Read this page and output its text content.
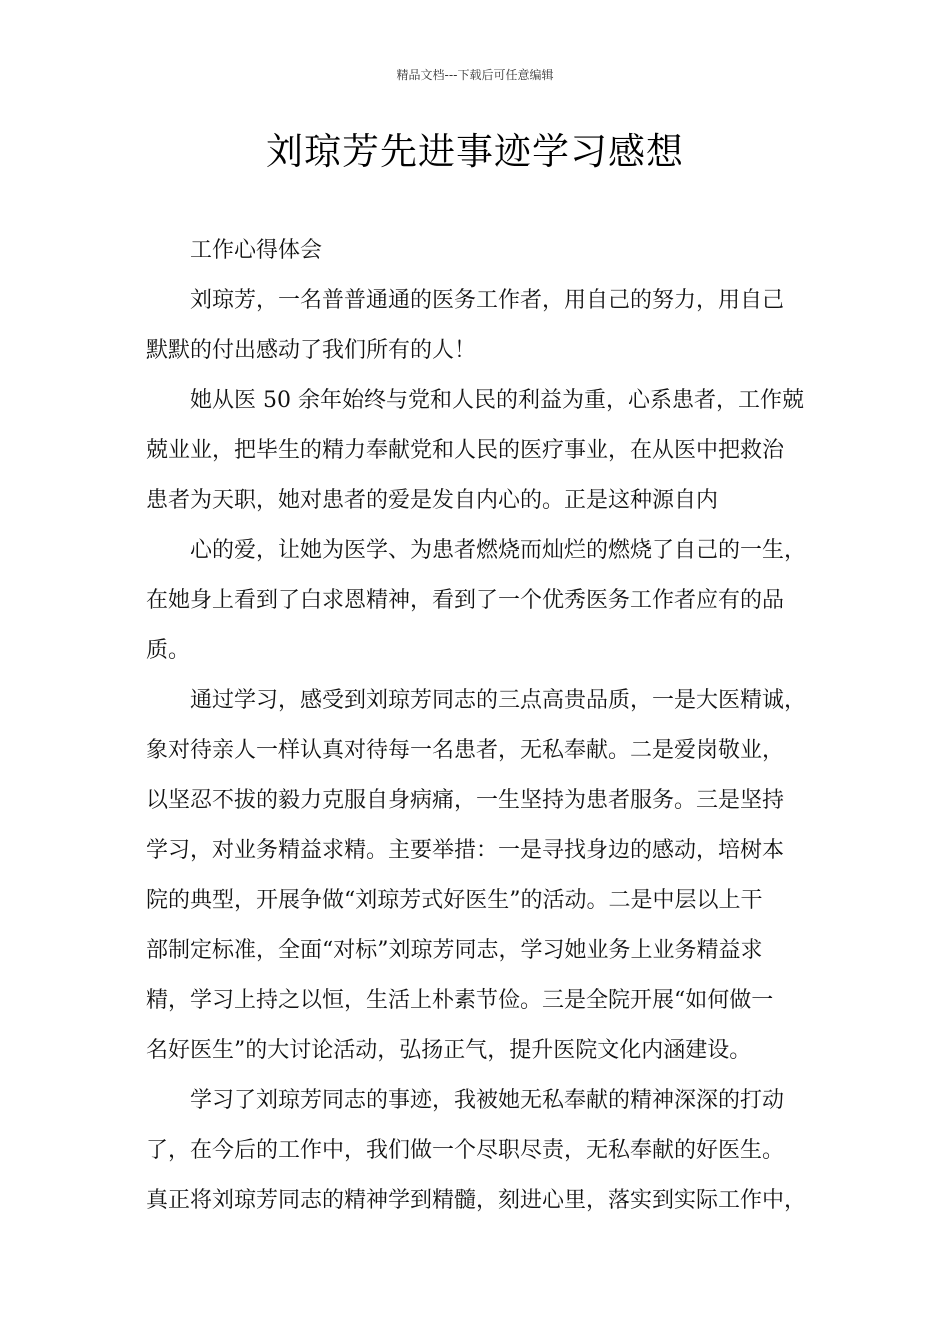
精品文档---下载后可任意编辑
刘琼芳先进事迹学习感想
工作心得体会
刘琼芳，一名普普通通的医务工作者，用自己的努力，用自己
默默的付出感动了我们所有的人！
她从医 50 余年始终与党和人民的利益为重，心系患者，工作兢
兢业业，把毕生的精力奉献党和人民的医疗事业，在从医中把救治
患者为天职，她对患者的爱是发自内心的。正是这种源自内
心的爱，让她为医学、为患者燃烧而灿烂的燃烧了自己的一生，
在她身上看到了白求恩精神，看到了一个优秀医务工作者应有的品
质。
通过学习，感受到刘琼芳同志的三点高贵品质，一是大医精诚，
象对待亲人一样认真对待每一名患者，无私奉献。二是爱岗敬业，
以坚忍不拔的毅力克服自身病痛，一生坚持为患者服务。三是坚持
学习，对业务精益求精。主要举措：一是寻找身边的感动，培树本
院的典型，开展争做“刘琼芳式好医生”的活动。二是中层以上干
部制定标准，全面“对标”刘琼芳同志，学习她业务上业务精益求
精，学习上持之以恒，生活上朴素节俭。三是全院开展“如何做一
名好医生”的大讨论活动，弘扬正气，提升医院文化内涵建设。
学习了刘琼芳同志的事迹，我被她无私奉献的精神深深的打动
了，在今后的工作中，我们做一个尽职尽责，无私奉献的好医生。
真正将刘琼芳同志的精神学到精髓，刻进心里，落实到实际工作中，
